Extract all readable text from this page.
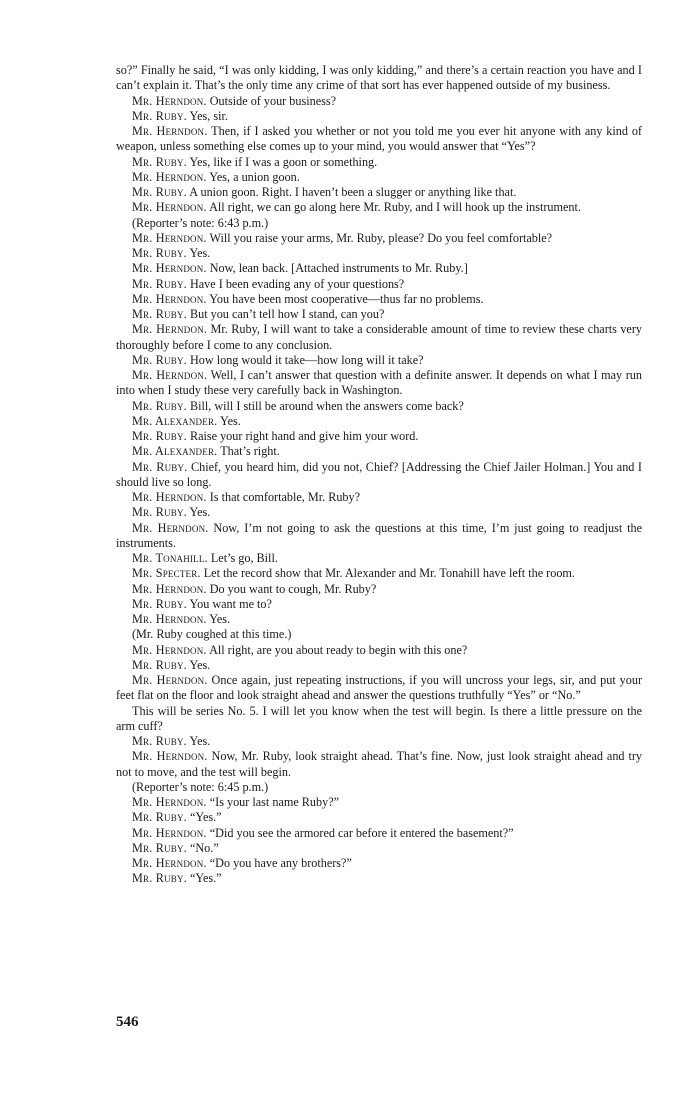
so?” Finally he said, “I was only kidding, I was only kidding,” and there’s a certain reaction you have and I can’t explain it. That’s the only time any crime of that sort has ever happened outside of my business.

Mr. Herndon. Outside of your business?

Mr. Ruby. Yes, sir.

Mr. Herndon. Then, if I asked you whether or not you told me you ever hit anyone with any kind of weapon, unless something else comes up to your mind, you would answer that “Yes”?

Mr. Ruby. Yes, like if I was a goon or something.

Mr. Herndon. Yes, a union goon.

Mr. Ruby. A union goon. Right. I haven’t been a slugger or anything like that.

Mr. Herndon. All right, we can go along here Mr. Ruby, and I will hook up the instrument.

(Reporter’s note: 6:43 p.m.)

Mr. Herndon. Will you raise your arms, Mr. Ruby, please? Do you feel comfortable?

Mr. Ruby. Yes.

Mr. Herndon. Now, lean back. [Attached instruments to Mr. Ruby.]

Mr. Ruby. Have I been evading any of your questions?

Mr. Herndon. You have been most cooperative—thus far no problems.

Mr. Ruby. But you can’t tell how I stand, can you?

Mr. Herndon. Mr. Ruby, I will want to take a considerable amount of time to review these charts very thoroughly before I come to any conclusion.

Mr. Ruby. How long would it take—how long will it take?

Mr. Herndon. Well, I can’t answer that question with a definite answer. It depends on what I may run into when I study these very carefully back in Washington.

Mr. Ruby. Bill, will I still be around when the answers come back?

Mr. Alexander. Yes.

Mr. Ruby. Raise your right hand and give him your word.

Mr. Alexander. That’s right.

Mr. Ruby. Chief, you heard him, did you not, Chief? [Addressing the Chief Jailer Holman.] You and I should live so long.

Mr. Herndon. Is that comfortable, Mr. Ruby?

Mr. Ruby. Yes.

Mr. Herndon. Now, I’m not going to ask the questions at this time, I’m just going to readjust the instruments.

Mr. Tonahill. Let’s go, Bill.

Mr. Specter. Let the record show that Mr. Alexander and Mr. Tonahill have left the room.

Mr. Herndon. Do you want to cough, Mr. Ruby?

Mr. Ruby. You want me to?

Mr. Herndon. Yes.

(Mr. Ruby coughed at this time.)

Mr. Herndon. All right, are you about ready to begin with this one?

Mr. Ruby. Yes.

Mr. Herndon. Once again, just repeating instructions, if you will uncross your legs, sir, and put your feet flat on the floor and look straight ahead and answer the questions truthfully “Yes” or “No.”

This will be series No. 5. I will let you know when the test will begin. Is there a little pressure on the arm cuff?

Mr. Ruby. Yes.

Mr. Herndon. Now, Mr. Ruby, look straight ahead. That’s fine. Now, just look straight ahead and try not to move, and the test will begin.

(Reporter’s note: 6:45 p.m.)

Mr. Herndon. “Is your last name Ruby?”

Mr. Ruby. “Yes.”

Mr. Herndon. “Did you see the armored car before it entered the basement?”

Mr. Ruby. “No.”

Mr. Herndon. “Do you have any brothers?”

Mr. Ruby. “Yes.”

546
